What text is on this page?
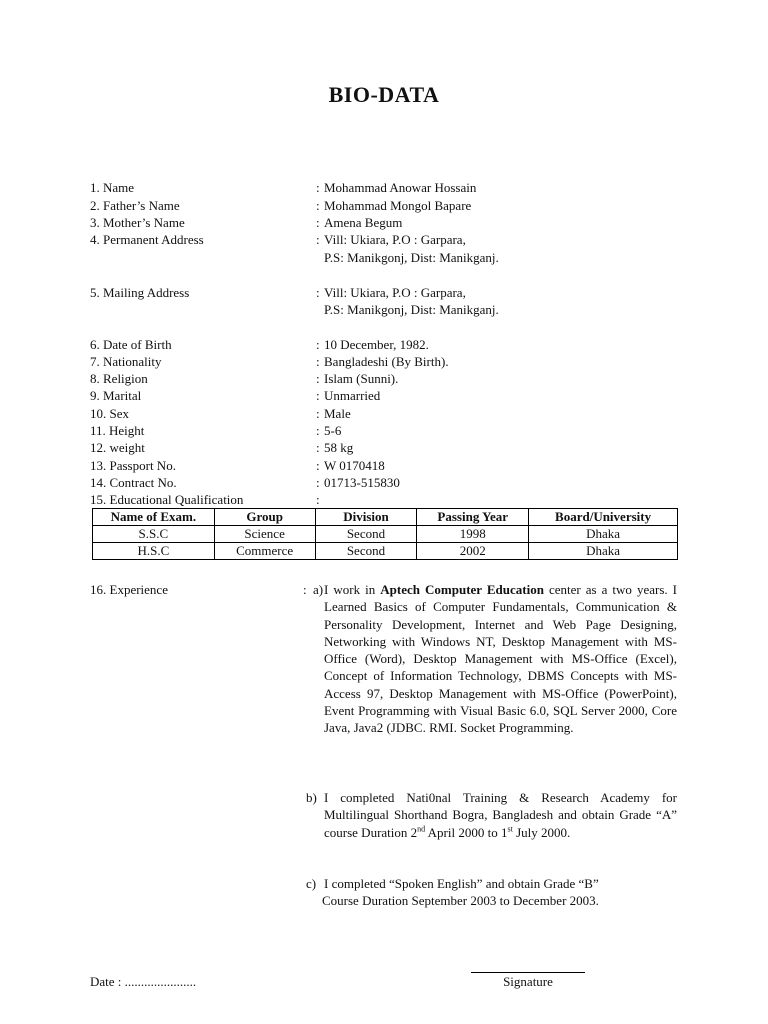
BIO-DATA
1. Name	: Mohammad Anowar Hossain
2. Father’s Name	: Mohammad Mongol Bapare
3. Mother’s Name	: Amena Begum
4. Permanent Address	: Vill: Ukiara, P.O : Garpara,
P.S: Manikgonj, Dist: Manikganj.
5. Mailing Address	: Vill: Ukiara, P.O : Garpara,
P.S: Manikgonj, Dist: Manikganj.
6. Date of Birth	: 10 December, 1982.
7. Nationality	: Bangladeshi (By Birth).
8. Religion	: Islam (Sunni).
9. Marital	: Unmarried
10. Sex	: Male
11. Height	: 5-6
12. weight	: 58 kg
13. Passport No.	: W 0170418
14. Contract No.	: 01713-515830
15. Educational Qualification	:
Name of Exam.	Group	Division	Passing Year	Board/University
S.S.C	Science	Second	1998	Dhaka
H.S.C	Commerce	Second	2002	Dhaka
16. Experience	: a) I work in Aptech Computer Education center as a two years. I Learned Basics of Computer Fundamentals, Communication & Personality Development, Internet and Web Page Designing, Networking with Windows NT, Desktop Management with MS-Office (Word), Desktop Management with MS-Office (Excel), Concept of Information Technology, DBMS Concepts with MS-Access 97, Desktop Management with MS-Office (PowerPoint), Event Programming with Visual Basic 6.0, SQL Server 2000, Core Java, Java2 (JDBC. RMI. Socket Programming.
b) I completed Nati0nal Training & Research Academy for Multilingual Shorthand Bogra, Bangladesh and obtain Grade “A” course Duration 2nd April 2000 to 1st July 2000.
c) I completed “Spoken English” and obtain Grade “B”
Course Duration September 2003 to December 2003.
Date : ......................	Signature
